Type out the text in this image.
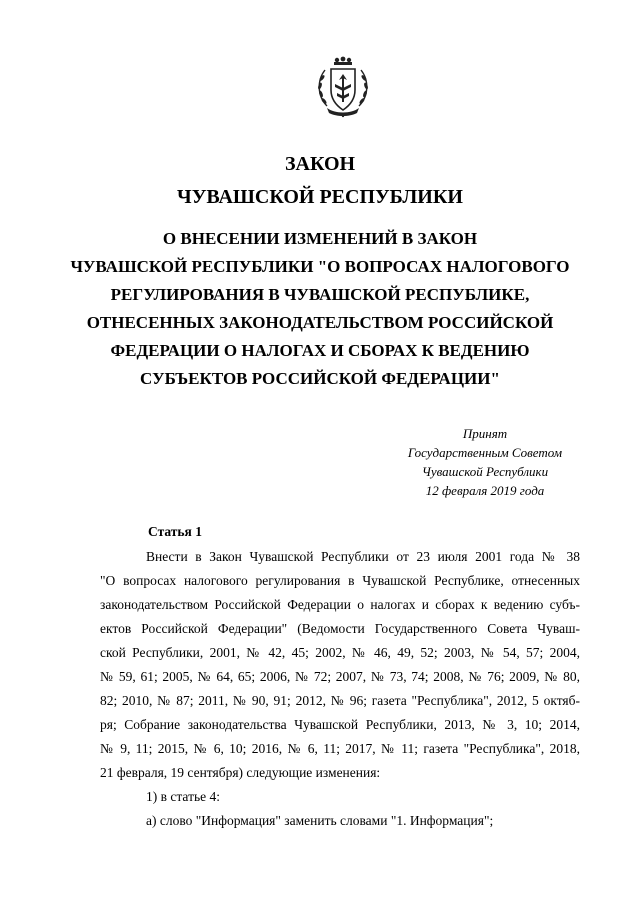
ЗАКОН
ЧУВАШСКОЙ РЕСПУБЛИКИ
О ВНЕСЕНИИ ИЗМЕНЕНИЙ В ЗАКОН
ЧУВАШСКОЙ РЕСПУБЛИКИ "О ВОПРОСАХ НАЛОГОВОГО
РЕГУЛИРОВАНИЯ В ЧУВАШСКОЙ РЕСПУБЛИКЕ,
ОТНЕСЕННЫХ ЗАКОНОДАТЕЛЬСТВОМ РОССИЙСКОЙ
ФЕДЕРАЦИИ О НАЛОГАХ И СБОРАХ К ВЕДЕНИЮ
СУБЪЕКТОВ РОССИЙСКОЙ ФЕДЕРАЦИИ"
Принят
Государственным Советом
Чувашской Республики
12 февраля 2019 года
Статья 1
Внести в Закон Чувашской Республики от 23 июля 2001 года № 38
"О вопросах налогового регулирования в Чувашской Республике, отнесенных
законодательством Российской Федерации о налогах и сборах к ведению субъ-
ектов Российской Федерации" (Ведомости Государственного Совета Чуваш-
ской Республики, 2001, № 42, 45; 2002, № 46, 49, 52; 2003, № 54, 57; 2004,
№ 59, 61; 2005, № 64, 65; 2006, № 72; 2007, № 73, 74; 2008, № 76; 2009, № 80,
82; 2010, № 87; 2011, № 90, 91; 2012, № 96; газета "Республика", 2012, 5 октяб-
ря; Собрание законодательства Чувашской Республики, 2013, № 3, 10; 2014,
№ 9, 11; 2015, № 6, 10; 2016, № 6, 11; 2017, № 11; газета "Республика", 2018,
21 февраля, 19 сентября) следующие изменения:
1) в статье 4:
а) слово "Информация" заменить словами "1. Информация";
